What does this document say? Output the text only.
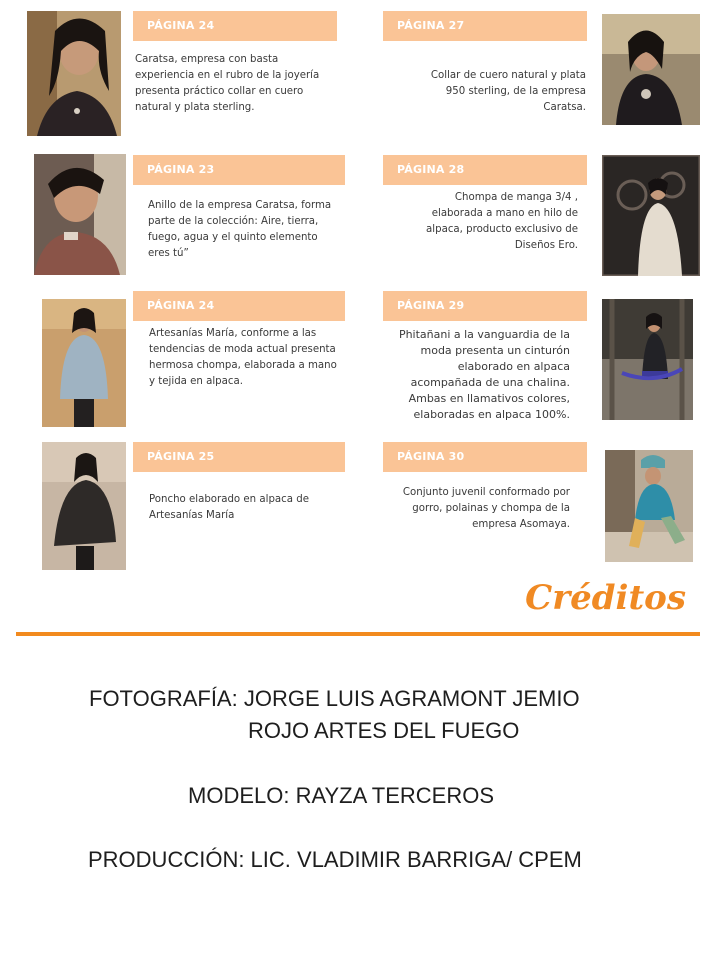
PÁGINA 24
Caratsa, empresa con basta experiencia en el rubro de la joyería presenta práctico collar en cuero natural y plata sterling.
PÁGINA 27
Collar de cuero natural y plata 950 sterling, de la empresa Caratsa.
PÁGINA 23
Anillo de la empresa Caratsa, forma parte de la colección: Aire, tierra, fuego, agua y el quinto elemento eres tú”
PÁGINA 28
Chompa de manga 3/4 , elaborada a mano en hilo de alpaca, producto exclusivo de Diseños Ero.
PÁGINA 24
Artesanías María, conforme a las tendencias de moda actual presenta hermosa chompa, elaborada a mano y tejida en alpaca.
PÁGINA 29
Phitañani a la vanguardia de la moda presenta un cinturón elaborado en alpaca acompañada de una chalina. Ambas en llamativos colores, elaboradas en alpaca 100%.
PÁGINA 25
Poncho elaborado en alpaca de Artesanías María
PÁGINA 30
Conjunto juvenil conformado por gorro, polainas y chompa de la empresa Asomaya.
Créditos
FOTOGRAFÍA: JORGE LUIS AGRAMONT JEMIO
ROJO ARTES DEL FUEGO
MODELO: RAYZA TERCEROS
PRODUCCIÓN: LIC. VLADIMIR BARRIGA/ CPEM
